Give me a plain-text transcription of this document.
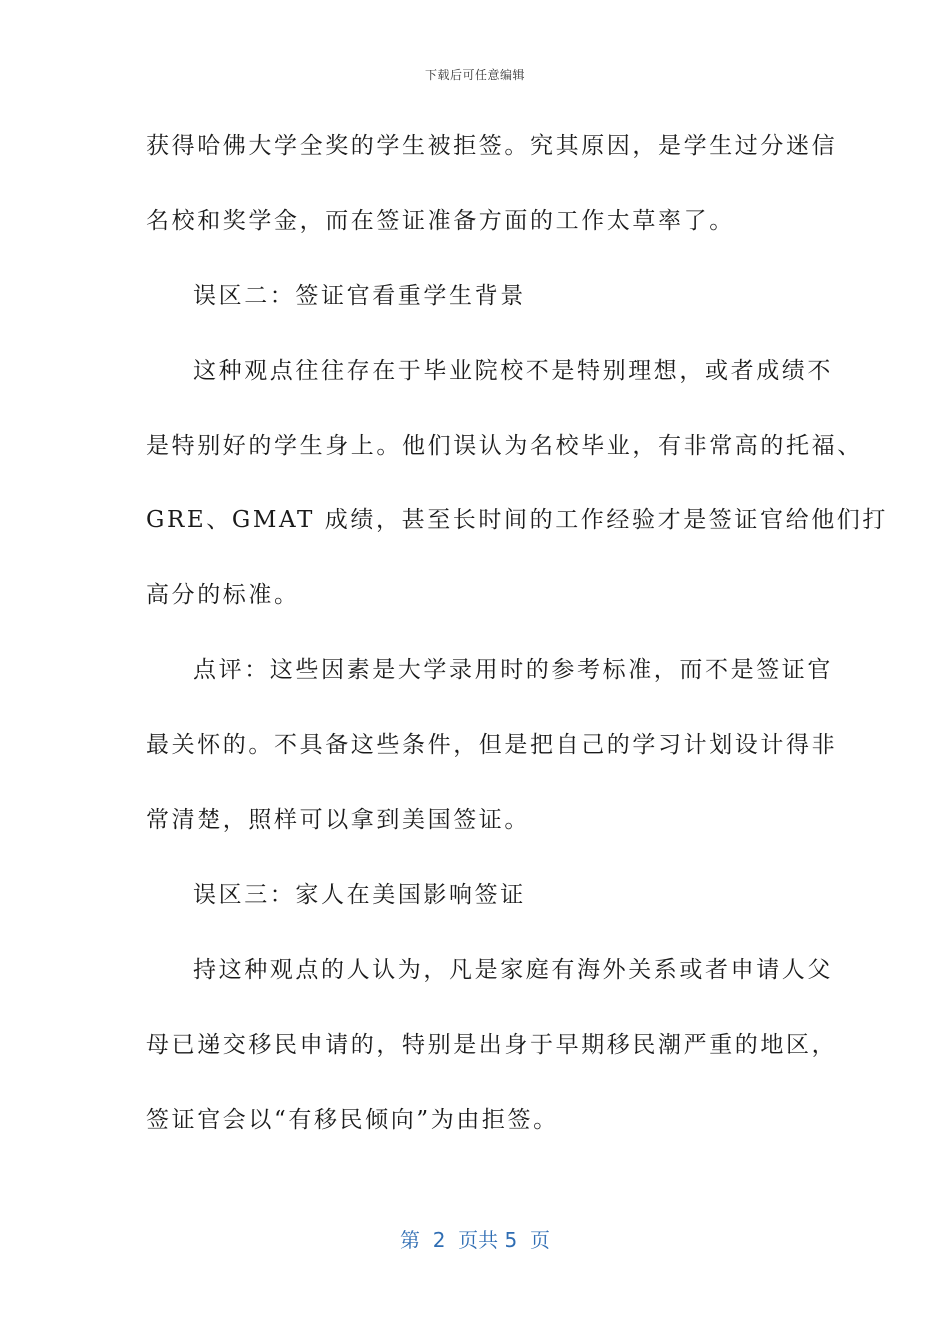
下载后可任意编辑
获得哈佛大学全奖的学生被拒签。究其原因，是学生过分迷信
名校和奖学金，而在签证准备方面的工作太草率了。
误区二：签证官看重学生背景
这种观点往往存在于毕业院校不是特别理想，或者成绩不
是特别好的学生身上。他们误认为名校毕业，有非常高的托福、
GRE、GMAT 成绩，甚至长时间的工作经验才是签证官给他们打
高分的标准。
点评：这些因素是大学录用时的参考标准，而不是签证官
最关怀的。不具备这些条件，但是把自己的学习计划设计得非
常清楚，照样可以拿到美国签证。
误区三：家人在美国影响签证
持这种观点的人认为，凡是家庭有海外关系或者申请人父
母已递交移民申请的，特别是出身于早期移民潮严重的地区，
签证官会以“有移民倾向”为由拒签。
第  2  页共 5  页
